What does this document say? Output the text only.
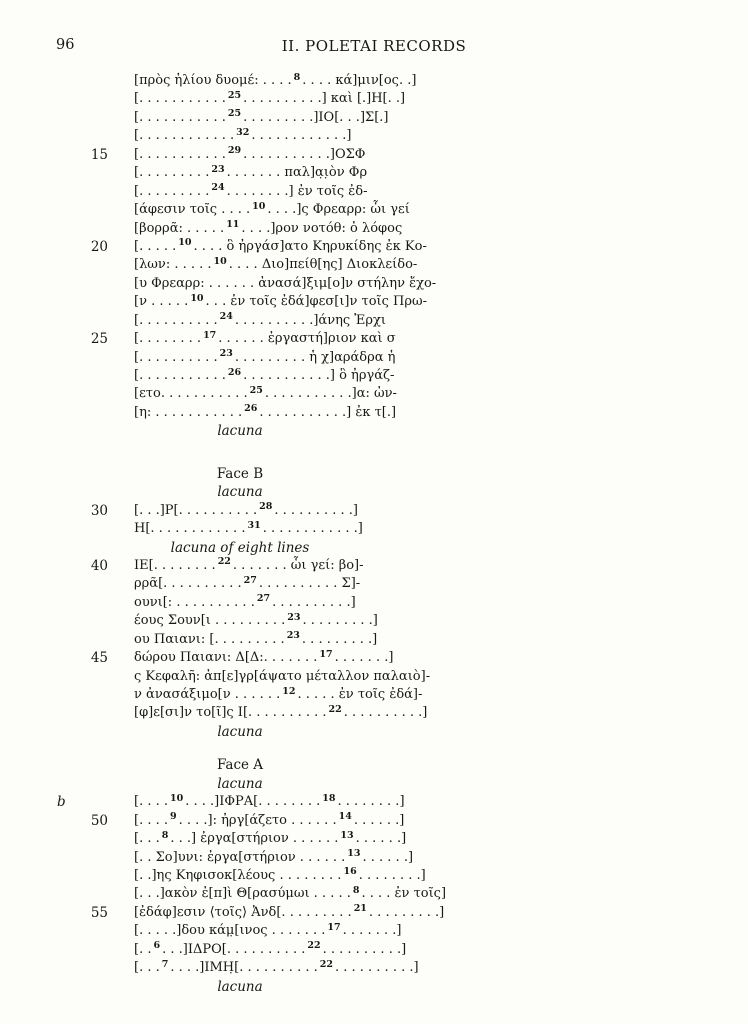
96	II. POLETAI RECORDS
[πρὸς ἡλίου δυομέ: . . . . 8 . . . . κά]μιν[ος. .]
[. . . . . . . . . . . 25 . . . . . . . . . .] καὶ [.]Η[. .]
[. . . . . . . . . . . 25 . . . . . . . . .]ΙΟ[. . .]Σ[.]
[. . . . . . . . . . . . 32 . . . . . . . . . . . .]
15 [. . . . . . . . . . . 29 . . . . . . . . . . .]ΟΣΦ
[. . . . . . . . . 23 . . . . . . . παλ]α̣ι̣ὸν Φρ
[. . . . . . . . . 24 . . . . . . . .] ἐν τοῖς ἐδ-
[άφεσιν τοῖς . . . . 10 . . . .]ς Φρεαρρ: ὧι γεί
[βορρᾶ: . . . . . 11 . . . .]ρον νοτόθ: ὁ λόφος
20 [. . . . . 10 . . . . ὃ ἠργάσ]ατο Κηρυκίδης ἐκ Κο-
[λων: . . . . . 10 . . . . Διο]πείθ[ης] Διοκλείδο-
[υ Φρεαρρ: . . . . . . ἀνασά]ξιμ[ο]ν στήλην ἔχο-
[ν . . . . . 10 . . . ἐν τοῖς ἐδά]φεσ[ι]ν τοῖς Πρω-
[. . . . . . . . . . 24 . . . . . . . . . .]άνης Ἐρχι
25 [. . . . . . . . 17 . . . . . . ἐργαστή]ριον καὶ σ
[. . . . . . . . . . 23 . . . . . . . . . ἡ χ]αράδρα ἡ
[. . . . . . . . . . . 26 . . . . . . . . . . .] ὃ ἠργάζ-
[ετο. . . . . . . . . . . 25 . . . . . . . . . . .]α: ὠν-
[η: . . . . . . . . . . . 26 . . . . . . . . . . .] ἐκ τ[.]
lacuna
Face B
lacuna
30 [. . .]Ρ[. . . . . . . . . . 28 . . . . . . . . . .]
Η[. . . . . . . . . . . . 31 . . . . . . . . . . . .]
lacuna of eight lines
40 ΙΕ[. . . . . . . . 22 . . . . . . . ὧι γεί: βο]-
ρρᾶ[. . . . . . . . . . 27 . . . . . . . . . . Σ]-
ουνι[: . . . . . . . . . . 27 . . . . . . . . . .]
έους Σουν[ι . . . . . . . . . 23 . . . . . . . . .]
ου Παιανι: [. . . . . . . . . 23 . . . . . . . . .]
45 δώρου Παιανι: Δ[Δ:. . . . . . . 17 . . . . . . .]
ς Κεφαλῆ: ἀπ[ε]γρ[άψατο μέταλλον παλαιὸ]-
ν ἀνασάξιμο[ν . . . . . . 12 . . . . . ἐν τοῖς ἐδά]-
[φ]ε[σι]ν το[ῖ]ς Ι[. . . . . . . . . . 22 . . . . . . . . . .]
lacuna
Face A
lacuna
b	[. . . . 10 . . . .]ΙΦΡΑ[. . . . . . . . 18 . . . . . . . .]
50 [. . . . 9 . . . .]: ἠργ[άζετο . . . . . . 14 . . . . . .]
[. . . 8 . . .] ἐργα[στήριον . . . . . . 13 . . . . . .]
[. . Σο]υνι: ἐργα[στήριον . . . . . . 13 . . . . . .]
[. .]ης Κηφισοκ[λέους . . . . . . . . 16 . . . . . . . .]
[. . .]ακὸν ἐ[π]ὶ Θ[ρασύμωι . . . . . 8 . . . . ἐν τοῖς]
55 [ἐδάφ]εσιν ⟨τοῖς⟩ Ἀνδ[. . . . . . . . . 21 . . . . . . . . .]
[. . . . .]δου κάμ̣[ινος . . . . . . . 17 . . . . . . .]
[. . 6 . . .]ΙΔΡΟ[. . . . . . . . . . 22 . . . . . . . . . .]
[. . . 7 . . . .]ΙΜΗ̣[. . . . . . . . . . 22 . . . . . . . . . .]
lacuna
